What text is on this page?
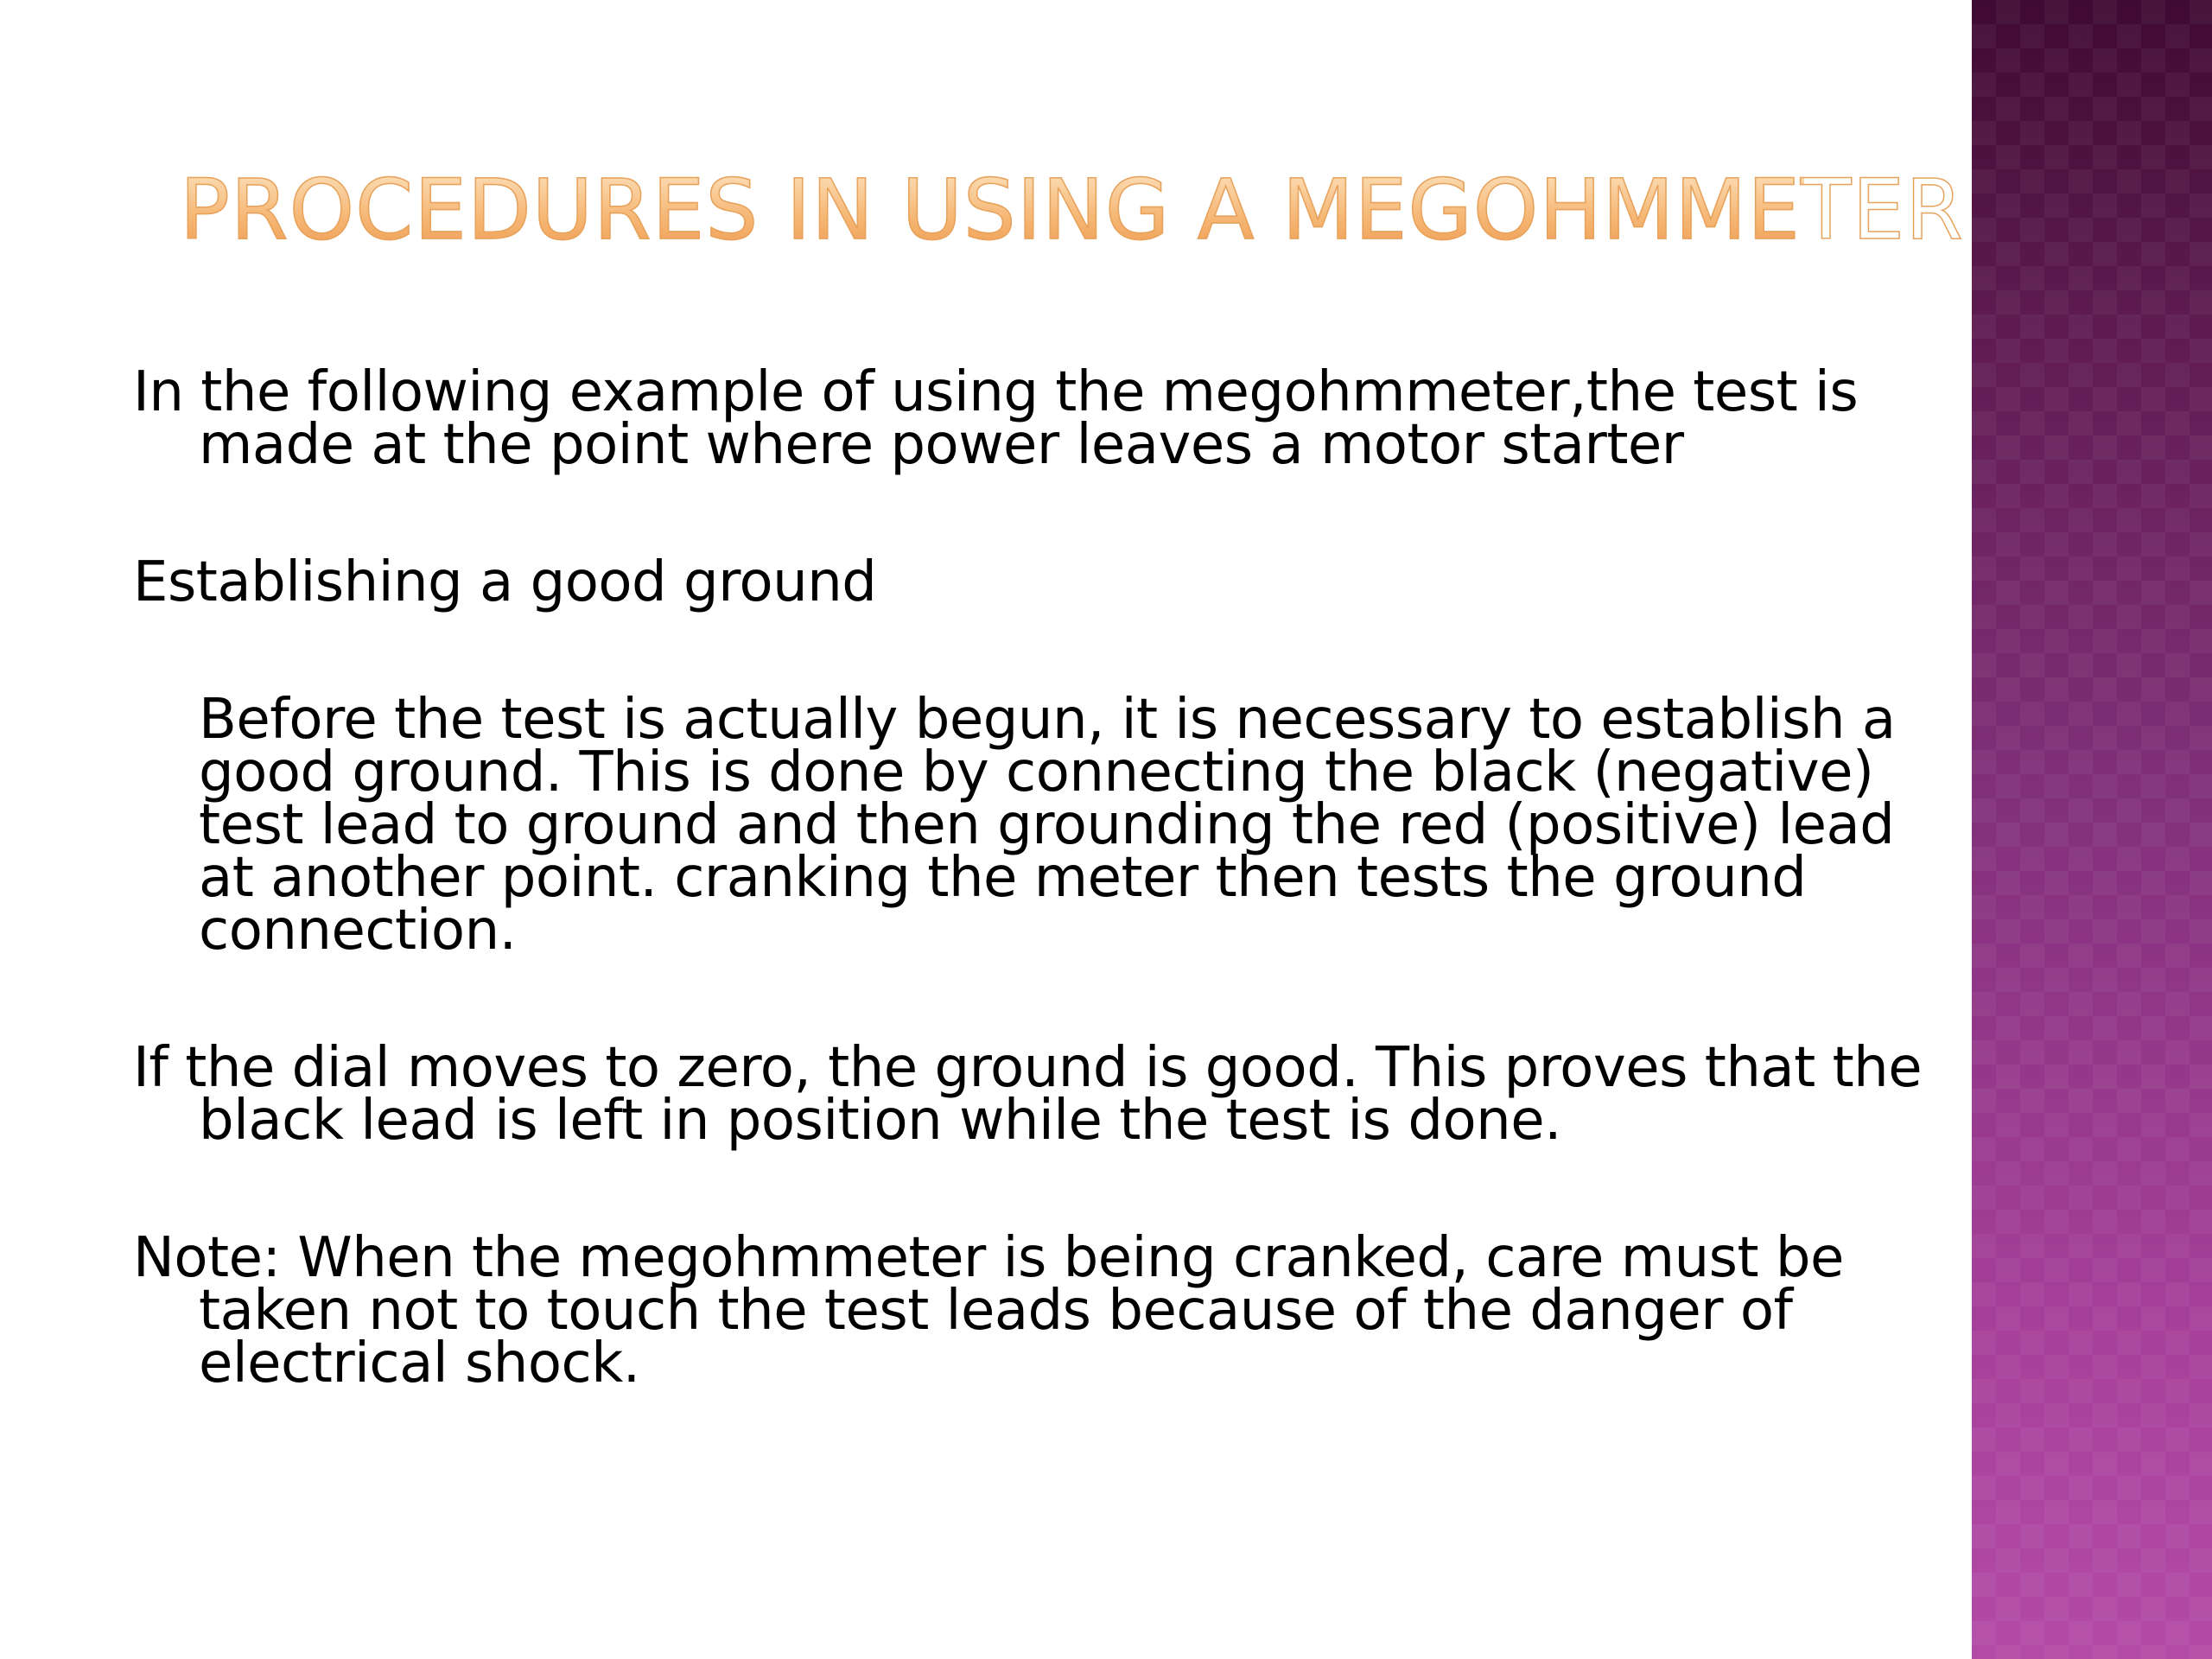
PROCEDURES IN USING A MEGOHMMETER

In the following example of using the megohmmeter,the test is made at the point where power leaves a motor starter

Establishing a good ground

Before the test is actually begun, it is necessary to establish a good ground. This is done by connecting the black (negative) test lead to ground and then grounding the red (positive) lead at another point. cranking the meter then tests the ground connection.

If the dial moves to zero, the ground is good. This proves that the black lead is left in position while the test is done.

Note: When the megohmmeter is being cranked, care must be taken not to touch the test leads because of the danger of electrical shock.
